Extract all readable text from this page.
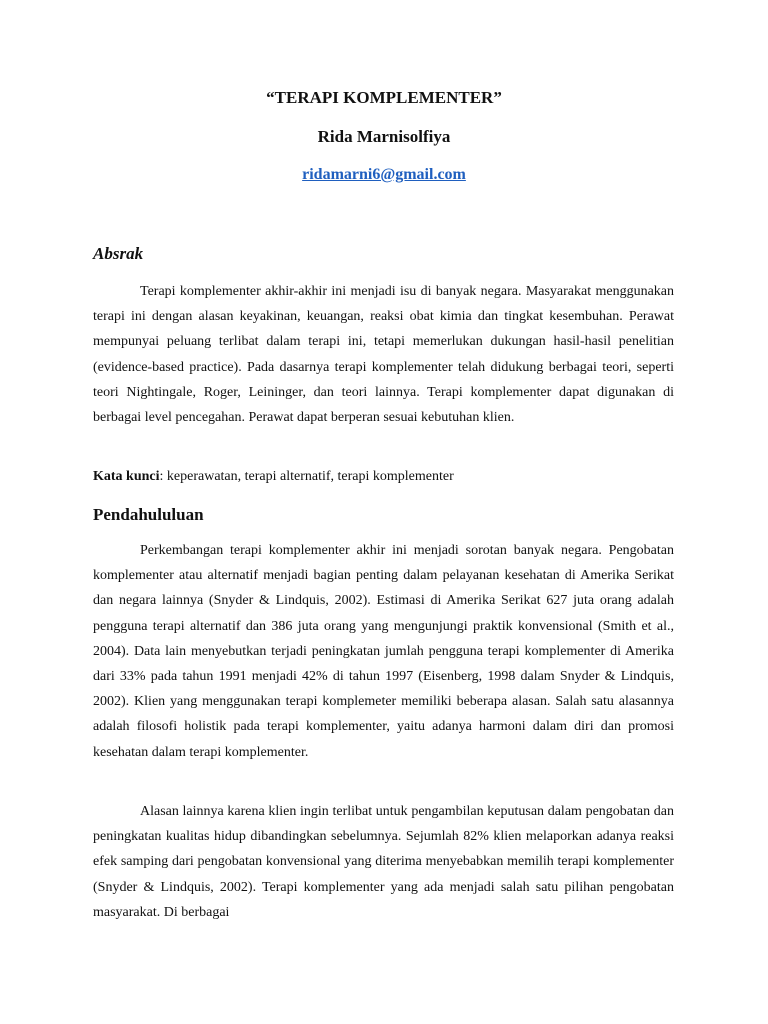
“TERAPI KOMPLEMENTER”
Rida Marnisolfiya
ridamarni6@gmail.com
Absrak

Terapi komplementer akhir-akhir ini menjadi isu di banyak negara. Masyarakat menggunakan terapi ini dengan alasan keyakinan, keuangan, reaksi obat kimia dan tingkat kesembuhan. Perawat mempunyai peluang terlibat dalam terapi ini, tetapi memerlukan dukungan hasil-hasil penelitian (evidence-based practice). Pada dasarnya terapi komplementer telah didukung berbagai teori, seperti teori Nightingale, Roger, Leininger, dan teori lainnya. Terapi komplementer dapat digunakan di berbagai level pencegahan. Perawat dapat berperan sesuai kebutuhan klien.

Kata kunci: keperawatan, terapi alternatif, terapi komplementer
Pendahululuan

Perkembangan terapi komplementer akhir ini menjadi sorotan banyak negara. Pengobatan komplementer atau alternatif menjadi bagian penting dalam pelayanan kesehatan di Amerika Serikat dan negara lainnya (Snyder & Lindquis, 2002). Estimasi di Amerika Serikat 627 juta orang adalah pengguna terapi alternatif dan 386 juta orang yang mengunjungi praktik konvensional (Smith et al., 2004). Data lain menyebutkan terjadi peningkatan jumlah pengguna terapi komplementer di Amerika dari 33% pada tahun 1991 menjadi 42% di tahun 1997 (Eisenberg, 1998 dalam Snyder & Lindquis, 2002). Klien yang menggunakan terapi komplemeter memiliki beberapa alasan. Salah satu alasannya adalah filosofi holistik pada terapi komplementer, yaitu adanya harmoni dalam diri dan promosi kesehatan dalam terapi komplementer.

Alasan lainnya karena klien ingin terlibat untuk pengambilan keputusan dalam pengobatan dan peningkatan kualitas hidup dibandingkan sebelumnya. Sejumlah 82% klien melaporkan adanya reaksi efek samping dari pengobatan konvensional yang diterima menyebabkan memilih terapi komplementer (Snyder & Lindquis, 2002). Terapi komplementer yang ada menjadi salah satu pilihan pengobatan masyarakat. Di berbagai
